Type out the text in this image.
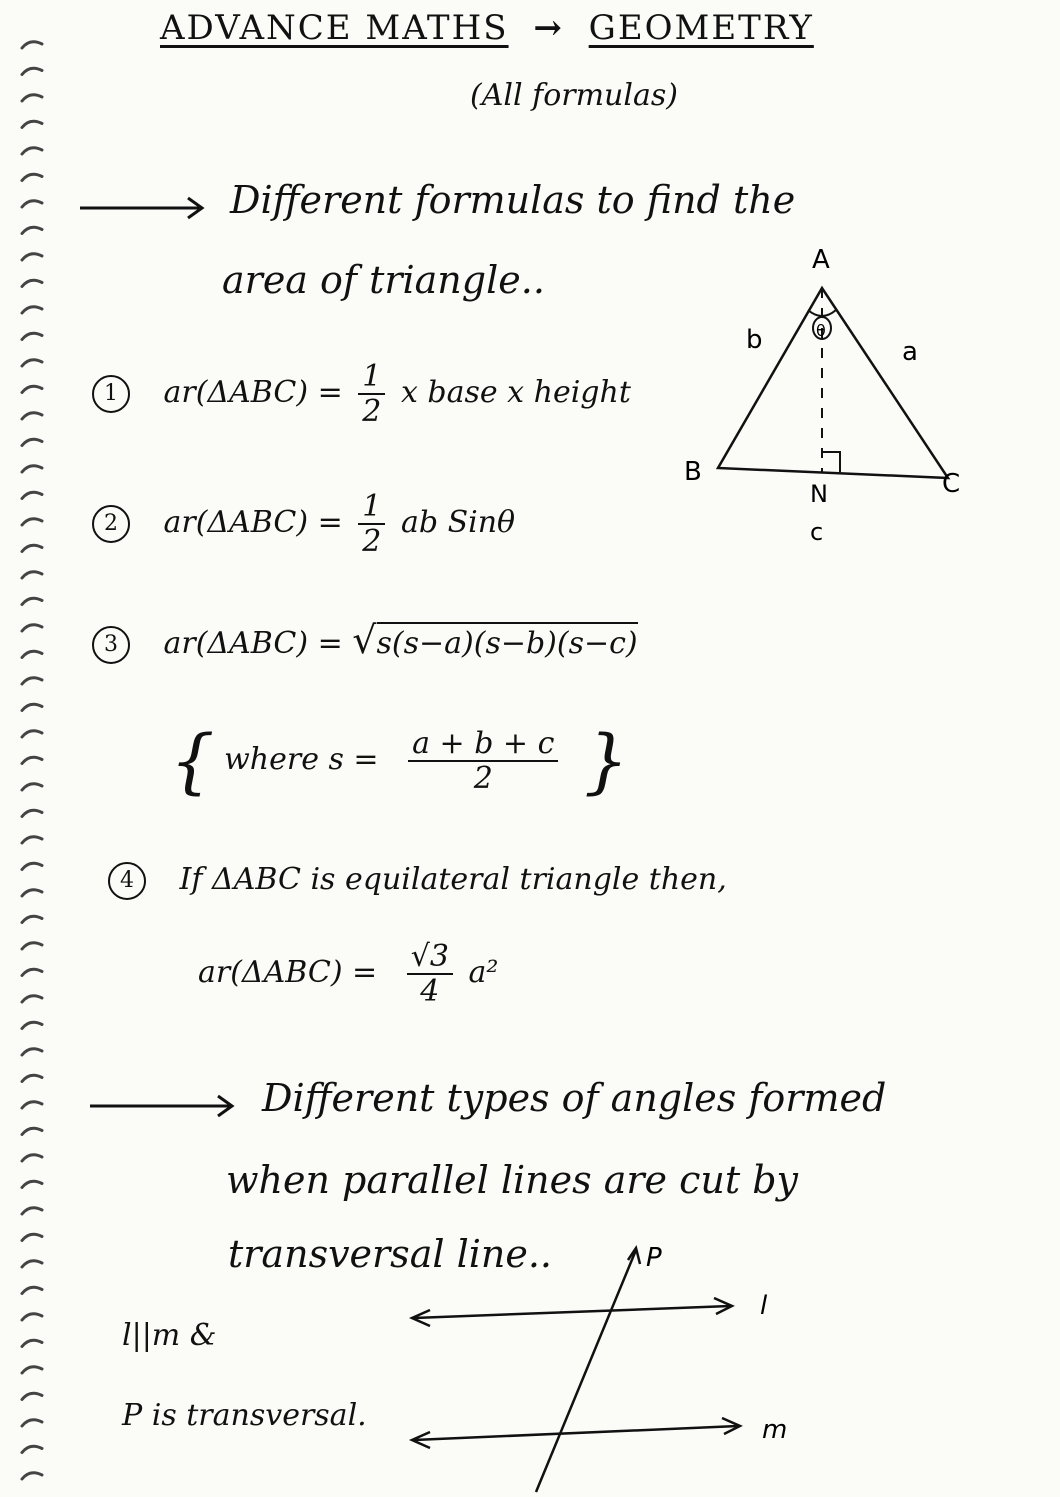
ADVANCE MATHS → GEOMETRY
(All formulas)
Different formulas to find the
area of triangle..	A
B	C
N
a
b
c
θ
1 $ar(\Delta ABC) = \frac{1}{2}$ x base x height
2 $ar(\Delta ABC) = \frac{1}{2}$ ab Sinθ
3 ar(ΔABC) = √s(s−a)(s−b)(s−c)
{ where $s = \frac{a + b + c}{2}$ }
4 If ΔABC is equilateral triangle then,
$ar(\Delta ABC) = \frac{√3}{4} a^2$
Different types of angles formed
when parallel lines are cut by
transversal line..	P
l
m
l||m &
P is transversal.
